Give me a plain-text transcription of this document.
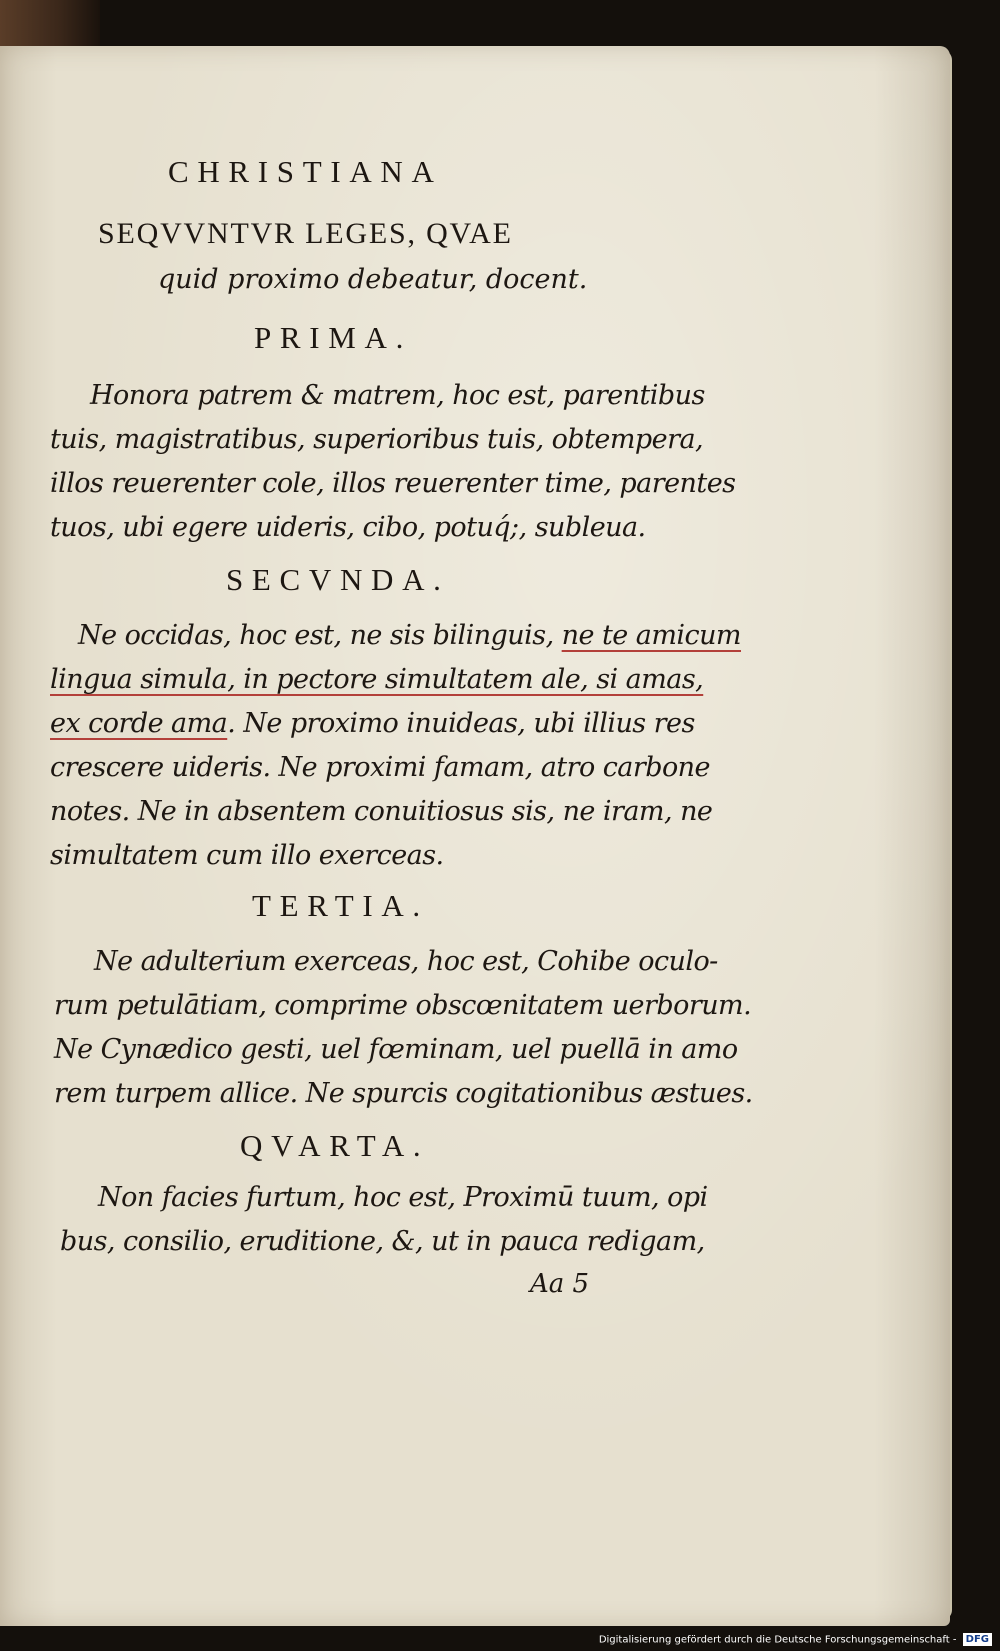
CHRISTIANA
SEQVVNTVR LEGES, QVAE
quid proximo debeatur, docent.
PRIMA.
Honora patrem & matrem, hoc est, parentibus
tuis, magistratibus, superioribus tuis, obtempera,
illos reuerenter cole, illos reuerenter time, parentes
tuos, ubi egere uideris, cibo, potuq́;, subleua.
SECVNDA.
Ne occidas, hoc est, ne sis bilinguis, ne te amicum
lingua simula, in pectore simultatem ale, si amas,
ex corde ama. Ne proximo inuideas, ubi illius res
crescere uideris. Ne proximi famam, atro carbone
notes. Ne in absentem conuitiosus sis, ne iram, ne
simultatem cum illo exerceas.
TERTIA.
Ne adulterium exerceas, hoc est, Cohibe oculo-
rum petulātiam, comprime obscœnitatem uerborum.
Ne Cynædico gesti, uel fœminam, uel puellā in amo
rem turpem allice. Ne spurcis cogitationibus æstues.
QVARTA.
Non facies furtum, hoc est, Proximū tuum, opi
bus, consilio, eruditione, &, ut in pauca redigam,
Aa 5
Digitalisierung gefördert durch die Deutsche Forschungsgemeinschaft - DFG
